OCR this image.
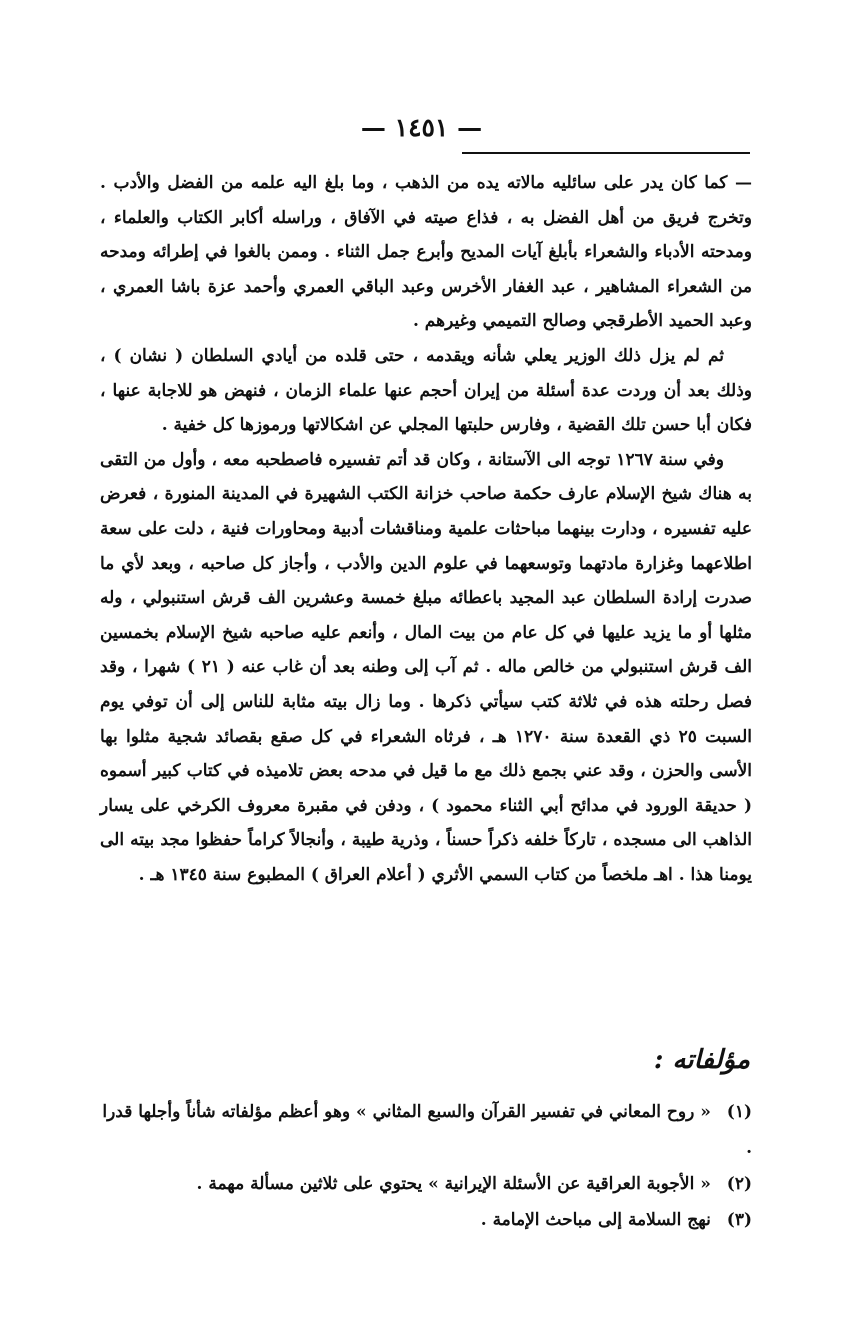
— ١٤٥١ —

— كما كان يدر على سائليه مالاته يده من الذهب ، وما بلغ اليه علمه من الفضل والأدب . وتخرج فريق من أهل الفضل به ، فذاع صيته في الآفاق ، وراسله أكابر الكتاب والعلماء ، ومدحته الأدباء والشعراء بأبلغ آيات المديح وأبرع جمل الثناء . وممن بالغوا في إطرائه ومدحه من الشعراء المشاهير ، عبد الغفار الأخرس وعبد الباقي العمري وأحمد عزة باشا العمري ، وعبد الحميد الأطرقجي وصالح التميمي وغيرهم .

ثم لم يزل ذلك الوزير يعلي شأنه ويقدمه ، حتى قلده من أيادي السلطان ( نشان ) ، وذلك بعد أن وردت عدة أسئلة من إيران أحجم عنها علماء الزمان ، فنهض هو للاجابة عنها ، فكان أبا حسن تلك القضية ، وفارس حلبتها المجلي عن اشكالاتها ورموزها كل خفية .

وفي سنة ١٢٦٧ توجه الى الآستانة ، وكان قد أتم تفسيره فاصطحبه معه ، وأول من التقى به هناك شيخ الإسلام عارف حكمة صاحب خزانة الكتب الشهيرة في المدينة المنورة ، فعرض عليه تفسيره ، ودارت بينهما مباحثات علمية ومناقشات أدبية ومحاورات فنية ، دلت على سعة اطلاعهما وغزارة مادتهما وتوسعهما في علوم الدين والأدب ، وأجاز كل صاحبه ، وبعد لأي ما صدرت إرادة السلطان عبد المجيد باعطائه مبلغ خمسة وعشرين الف قرش استنبولي ، وله مثلها أو ما يزيد عليها في كل عام من بيت المال ، وأنعم عليه صاحبه شيخ الإسلام بخمسين الف قرش استنبولي من خالص ماله . ثم آب إلى وطنه بعد أن غاب عنه ( ٢١ ) شهرا ، وقد فصل رحلته هذه في ثلاثة كتب سيأتي ذكرها . وما زال بيته مثابة للناس إلى أن توفي يوم السبت ٢٥ ذي القعدة سنة ١٢٧٠ هـ ، فرثاه الشعراء في كل صقع بقصائد شجية مثلوا بها الأسى والحزن ، وقد عني بجمع ذلك مع ما قيل في مدحه بعض تلاميذه في كتاب كبير أسموه ( حديقة الورود في مدائح أبي الثناء محمود ) ، ودفن في مقبرة معروف الكرخي على يسار الذاهب الى مسجده ، تاركاً خلفه ذكراً حسناً ، وذرية طيبة ، وأنجالاً كراماً حفظوا مجد بيته الى يومنا هذا . اهـ ملخصاً من كتاب السمي الأثري ( أعلام العراق ) المطبوع سنة ١٣٤٥ هـ .

مؤلفاته :
(١) « روح المعاني في تفسير القرآن والسبع المثاني » وهو أعظم مؤلفاته شأناً وأجلها قدرا .
(٢) « الأجوبة العراقية عن الأسئلة الإيرانية » يحتوي على ثلاثين مسألة مهمة .
(٣) نهج السلامة إلى مباحث الإمامة .
